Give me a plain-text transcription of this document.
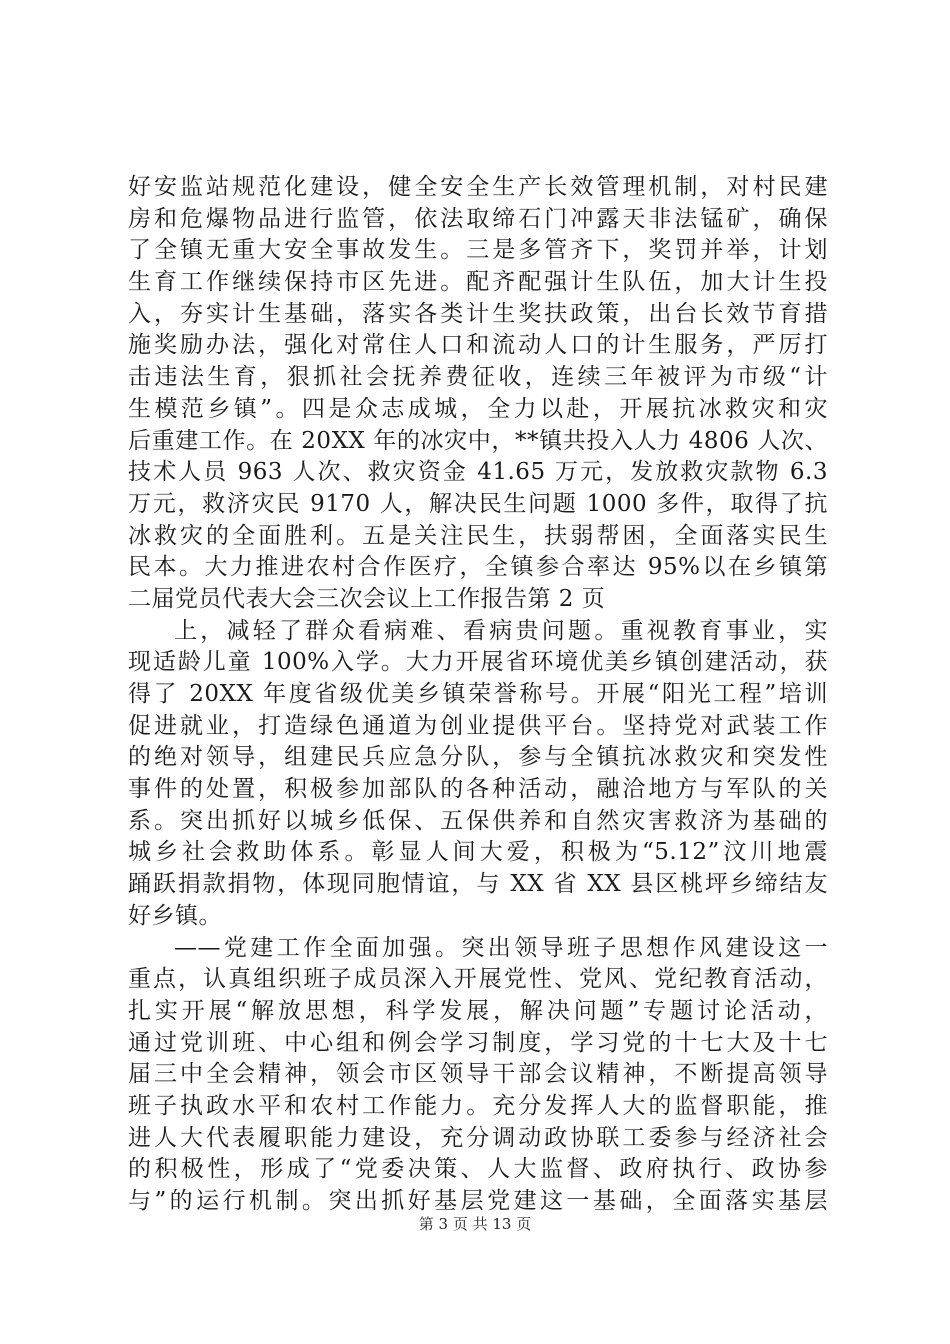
好安监站规范化建设，健全安全生产长效管理机制，对村民建
房和危爆物品进行监管，依法取缔石门冲露天非法锰矿，确保
了全镇无重大安全事故发生。三是多管齐下，奖罚并举，计划
生育工作继续保持市区先进。配齐配强计生队伍，加大计生投
入，夯实计生基础，落实各类计生奖扶政策，出台长效节育措
施奖励办法，强化对常住人口和流动人口的计生服务，严厉打
击违法生育，狠抓社会抚养费征收，连续三年被评为市级“计
生模范乡镇”。四是众志成城，全力以赴，开展抗冰救灾和灾
后重建工作。在 20XX 年的冰灾中，**镇共投入人力 4806 人次、
技术人员 963 人次、救灾资金 41.65 万元，发放救灾款物 6.3
万元，救济灾民 9170 人，解决民生问题 1000 多件，取得了抗
冰救灾的全面胜利。五是关注民生，扶弱帮困，全面落实民生
民本。大力推进农村合作医疗，全镇参合率达 95%以在乡镇第
二届党员代表大会三次会议上工作报告第 2 页
上，减轻了群众看病难、看病贵问题。重视教育事业，实
现适龄儿童 100%入学。大力开展省环境优美乡镇创建活动，获
得了 20XX 年度省级优美乡镇荣誉称号。开展“阳光工程”培训
促进就业，打造绿色通道为创业提供平台。坚持党对武装工作
的绝对领导，组建民兵应急分队，参与全镇抗冰救灾和突发性
事件的处置，积极参加部队的各种活动，融洽地方与军队的关
系。突出抓好以城乡低保、五保供养和自然灾害救济为基础的
城乡社会救助体系。彰显人间大爱，积极为“5.12”汶川地震
踊跃捐款捐物，体现同胞情谊，与 XX 省 XX 县区桃坪乡缔结友
好乡镇。
——党建工作全面加强。突出领导班子思想作风建设这一
重点，认真组织班子成员深入开展党性、党风、党纪教育活动，
扎实开展“解放思想，科学发展，解决问题”专题讨论活动，
通过党训班、中心组和例会学习制度，学习党的十七大及十七
届三中全会精神，领会市区领导干部会议精神，不断提高领导
班子执政水平和农村工作能力。充分发挥人大的监督职能，推
进人大代表履职能力建设，充分调动政协联工委参与经济社会
的积极性，形成了“党委决策、人大监督、政府执行、政协参
与”的运行机制。突出抓好基层党建这一基础，全面落实基层
第 3 页 共 13 页
